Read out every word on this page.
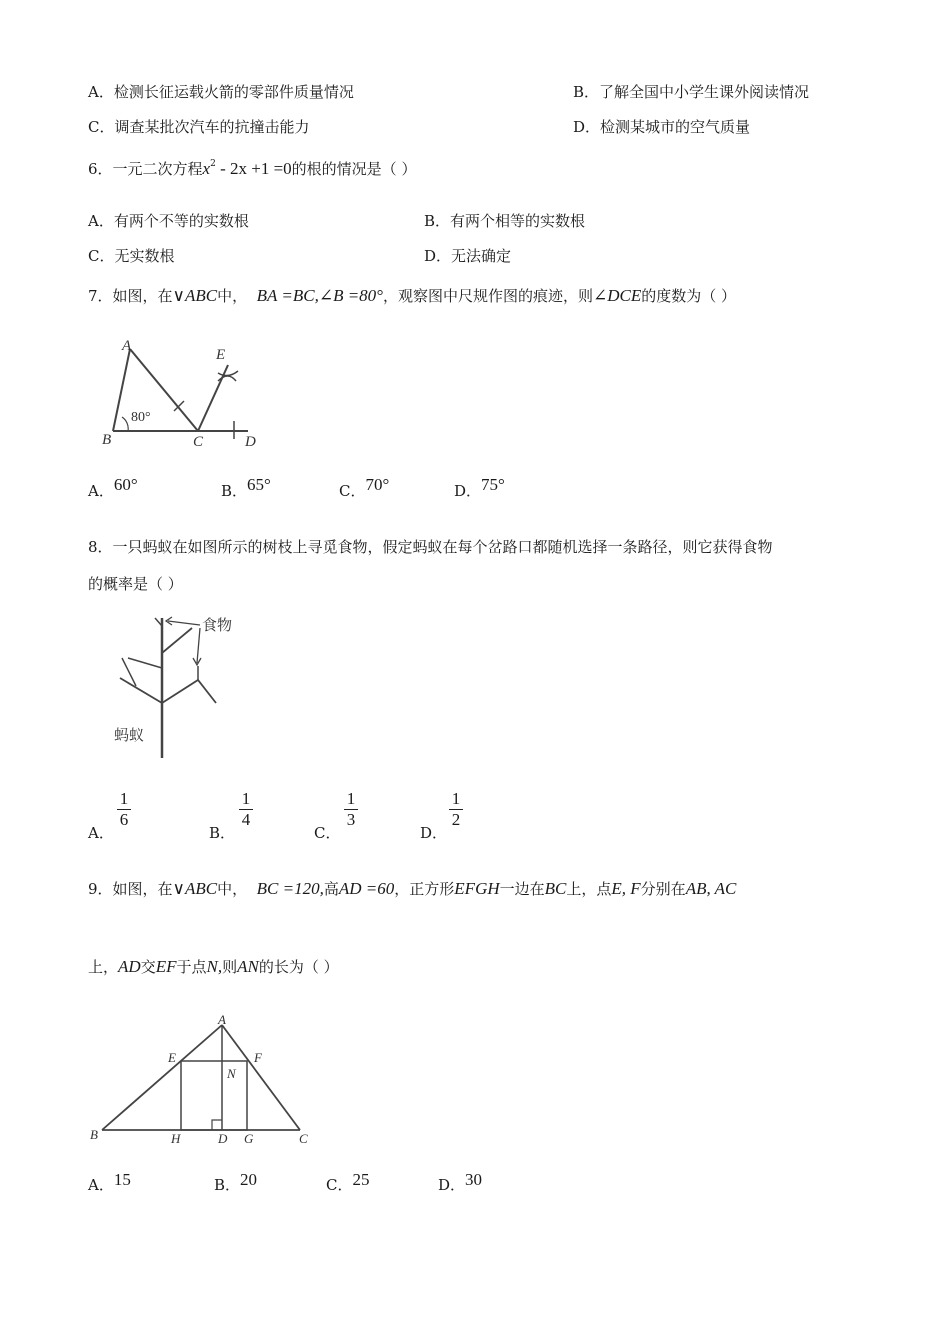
A．检测长征运载火箭的零部件质量情况	B．了解全国中小学生课外阅读情况
C．调查某批次汽车的抗撞击能力	D．检测某城市的空气质量
6．一元二次方程$x^2 - 2x +1 =0$的根的情况是（ ）
A．有两个不等的实数根	B．有两个相等的实数根
C．无实数根	D．无法确定
7．如图，在∨ABC中， BA =BC,∠B =80°，观察图中尺规作图的痕迹，则∠DCE的度数为（ ）
A
B	C	D
E
80°
A．60°	B．65°	C．70°	D．75°
8．一只蚂蚁在如图所示的树枝上寻觅食物，假定蚂蚁在每个岔路口都随机选择一条路径，则它获得食物
的概率是（ ）
食物
蚂蚁
A．
1
6
B．
1
4
C．
1
3
D．
1
2
9．如图，在∨ABC中， BC =120,高AD =60，正方形EFGH一边在BC上，点E, F分别在AB, AC
上，AD交EF于点N,则AN的长为（ ）
A
B	C
D
E	F
G
H
N
A．15	B．20	C．25	D．30
